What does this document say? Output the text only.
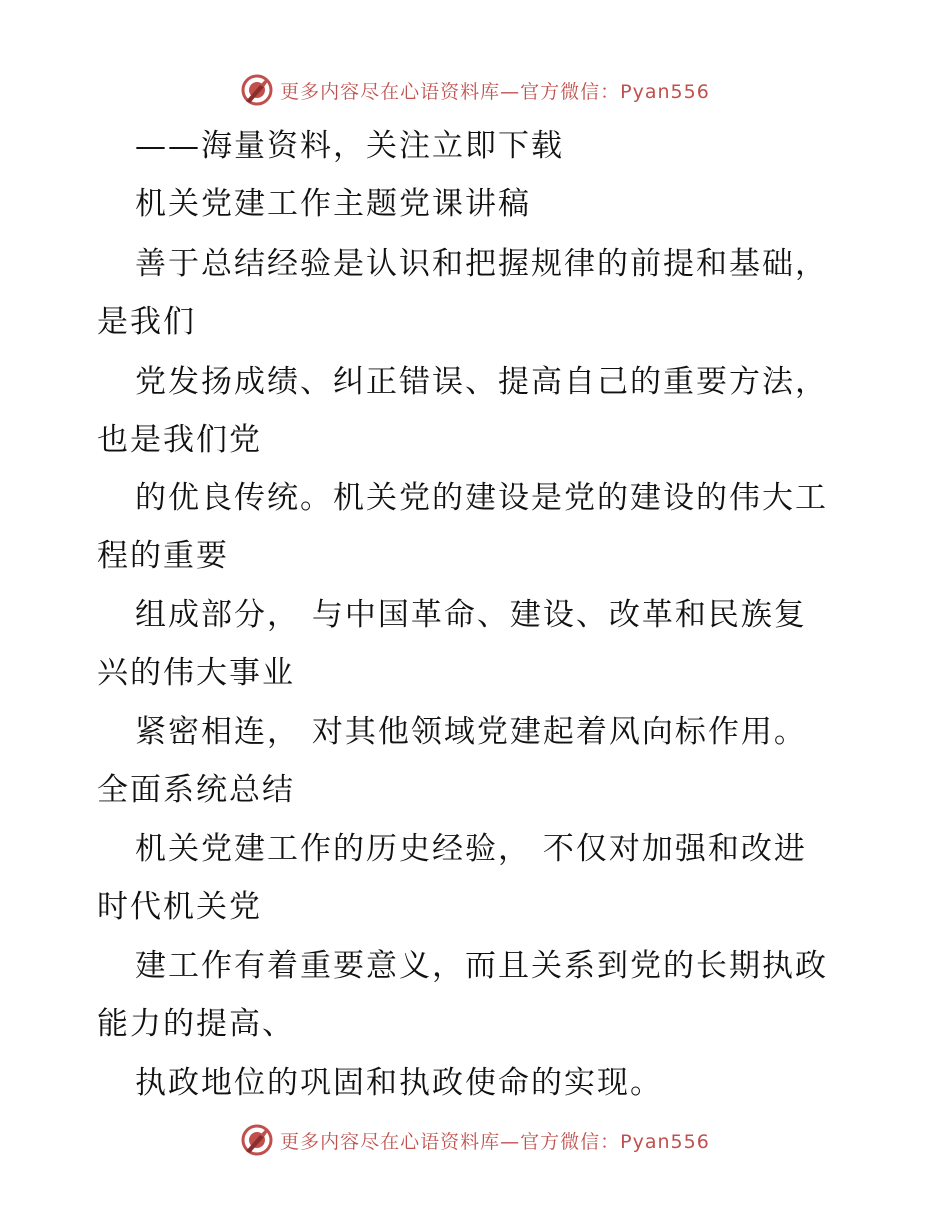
更多内容尽在心语资料库—官方微信：Pyan556
——海量资料，关注立即下载
机关党建工作主题党课讲稿
善于总结经验是认识和把握规律的前提和基础，
是我们
党发扬成绩、纠正错误、提高自己的重要方法，
也是我们党
的优良传统。机关党的建设是党的建设的伟大工
程的重要
组成部分， 与中国革命、建设、改革和民族复
兴的伟大事业
紧密相连， 对其他领域党建起着风向标作用。
全面系统总结
机关党建工作的历史经验， 不仅对加强和改进
时代机关党
建工作有着重要意义，而且关系到党的长期执政
能力的提高、
执政地位的巩固和执政使命的实现。
更多内容尽在心语资料库—官方微信：Pyan556
